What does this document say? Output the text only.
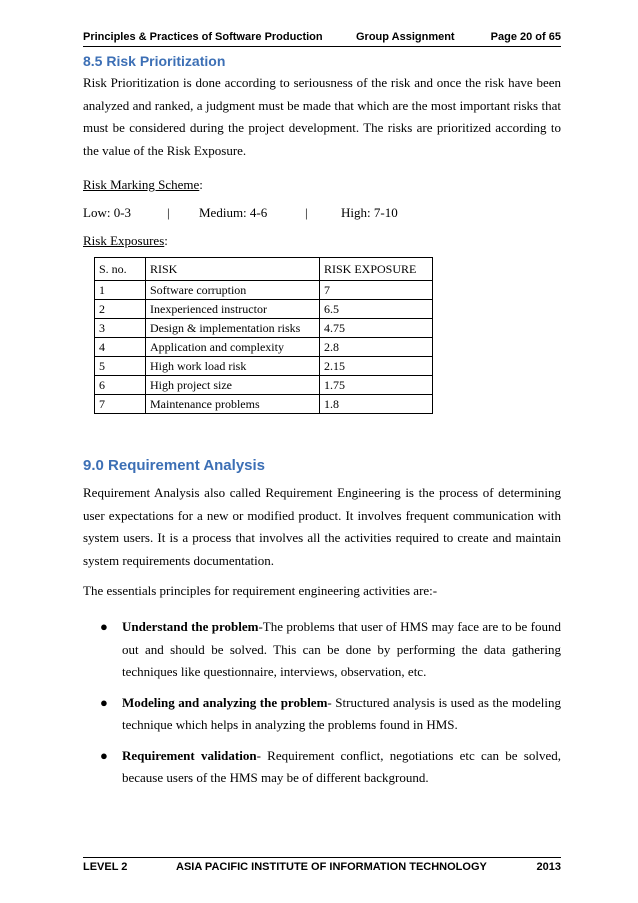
Principles & Practices of Software Production	Group Assignment	Page 20 of 65
8.5 Risk Prioritization
Risk Prioritization is done according to seriousness of the risk and once the risk have been analyzed and ranked, a judgment must be made that which are the most important risks that must be considered during the project development. The risks are prioritized according to the value of the Risk Exposure.
Risk Marking Scheme:
Low: 0-3	| Medium: 4-6	|	High: 7-10
Risk Exposures:
S. no.	RISK	RISK EXPOSURE
1	Software corruption	7
2	Inexperienced instructor	6.5
3	Design & implementation risks	4.75
4	Application and complexity	2.8
5	High work load risk	2.15
6	High project size	1.75
7	Maintenance problems	1.8
9.0 Requirement Analysis
Requirement Analysis also called Requirement Engineering is the process of determining user expectations for a new or modified product. It involves frequent communication with system users. It is a process that involves all the activities required to create and maintain system requirements documentation.
The essentials principles for requirement engineering activities are:-
● Understand the problem-The problems that user of HMS may face are to be found out and should be solved. This can be done by performing the data gathering techniques like questionnaire, interviews, observation, etc.
● Modeling and analyzing the problem- Structured analysis is used as the modeling technique which helps in analyzing the problems found in HMS.
● Requirement validation- Requirement conflict, negotiations etc can be solved, because users of the HMS may be of different background.
LEVEL 2	ASIA PACIFIC INSTITUTE OF INFORMATION TECHNOLOGY	2013
